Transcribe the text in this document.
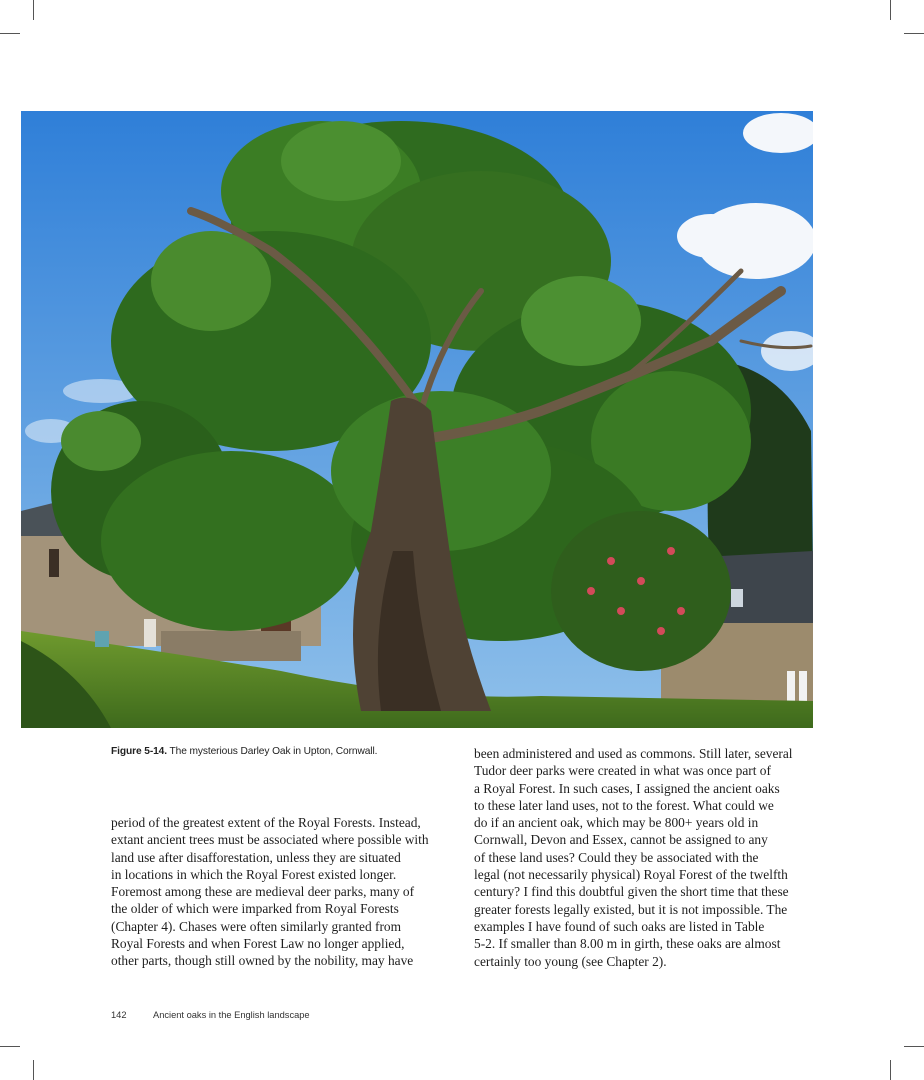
Figure 5-14. The mysterious Darley Oak in Upton, Cornwall.
period of the greatest extent of the Royal Forests. Instead,
extant ancient trees must be associated where possible with
land use after disafforestation, unless they are situated
in locations in which the Royal Forest existed longer.
Foremost among these are medieval deer parks, many of
the older of which were imparked from Royal Forests
(Chapter 4). Chases were often similarly granted from
Royal Forests and when Forest Law no longer applied,
other parts, though still owned by the nobility, may have
been administered and used as commons. Still later, several
Tudor deer parks were created in what was once part of
a Royal Forest. In such cases, I assigned the ancient oaks
to these later land uses, not to the forest. What could we
do if an ancient oak, which may be 800+ years old in
Cornwall, Devon and Essex, cannot be assigned to any
of these land uses? Could they be associated with the
legal (not necessarily physical) Royal Forest of the twelfth
century? I find this doubtful given the short time that these
greater forests legally existed, but it is not impossible. The
examples I have found of such oaks are listed in Table
5-2. If smaller than 8.00 m in girth, these oaks are almost
certainly too young (see Chapter 2).
142	Ancient oaks in the English landscape
